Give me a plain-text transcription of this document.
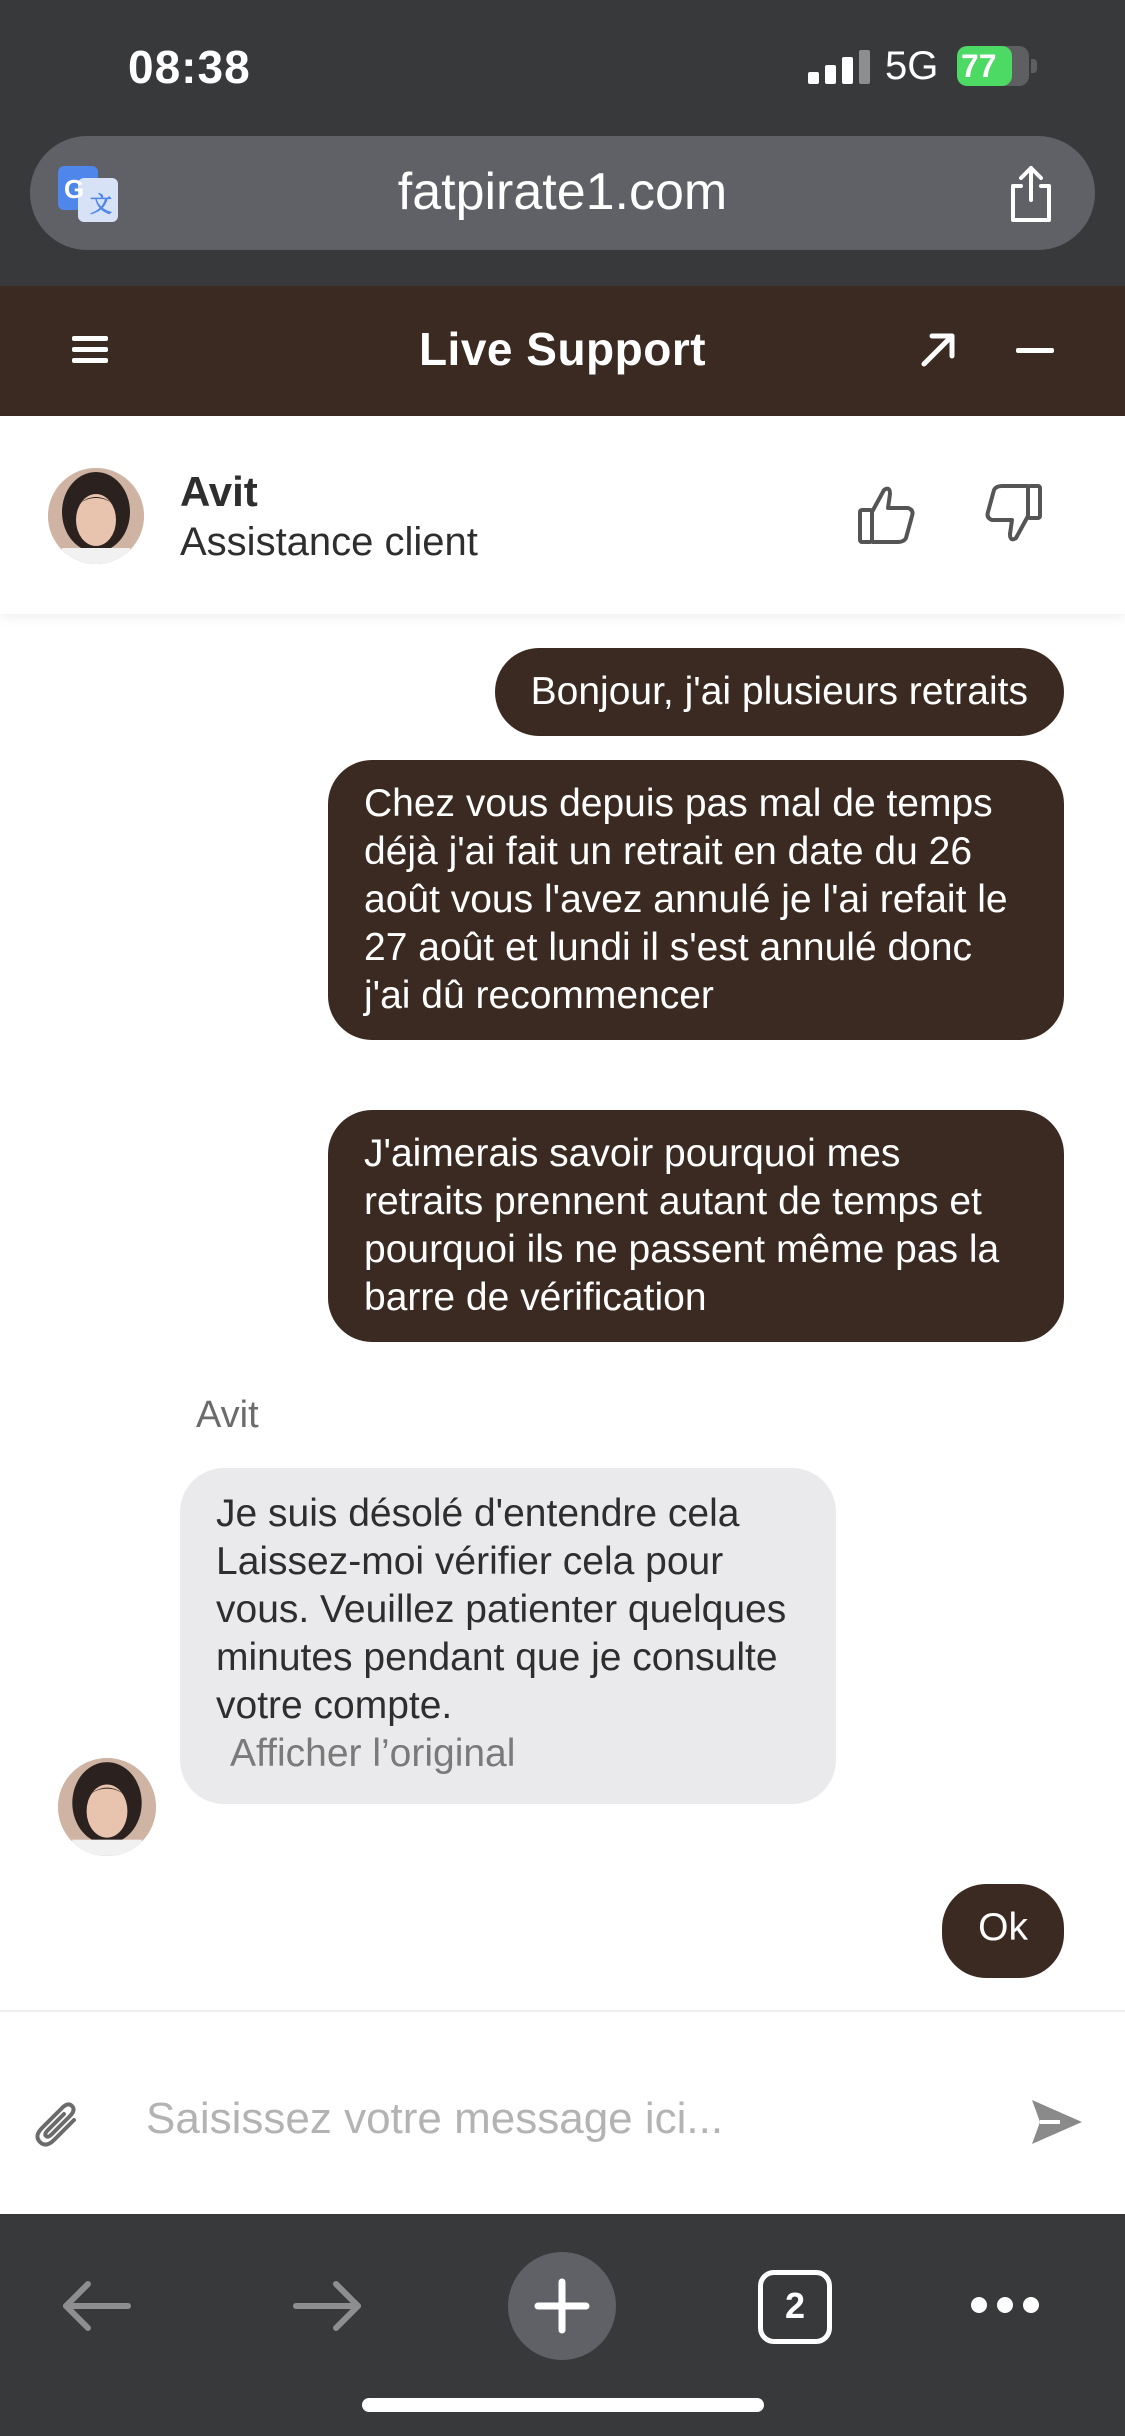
08:38	5G 77
G
文	fatpirate1.com
Live Support
Avit
Assistance client
Bonjour, j'ai plusieurs retraits
Chez vous depuis pas mal de temps déjà j'ai fait un retrait en date du 26 août vous l'avez annulé je l'ai refait le 27 août et lundi il s'est annulé donc j'ai dû recommencer
J'aimerais savoir pourquoi mes retraits prennent autant de temps et pourquoi ils ne passent même pas la barre de vérification
Avit
Je suis désolé d'entendre cela
Laissez-moi vérifier cela pour vous. Veuillez patienter quelques minutes pendant que je consulte votre compte.
Afficher l’original
Ok
Saisissez votre message ici...
2
